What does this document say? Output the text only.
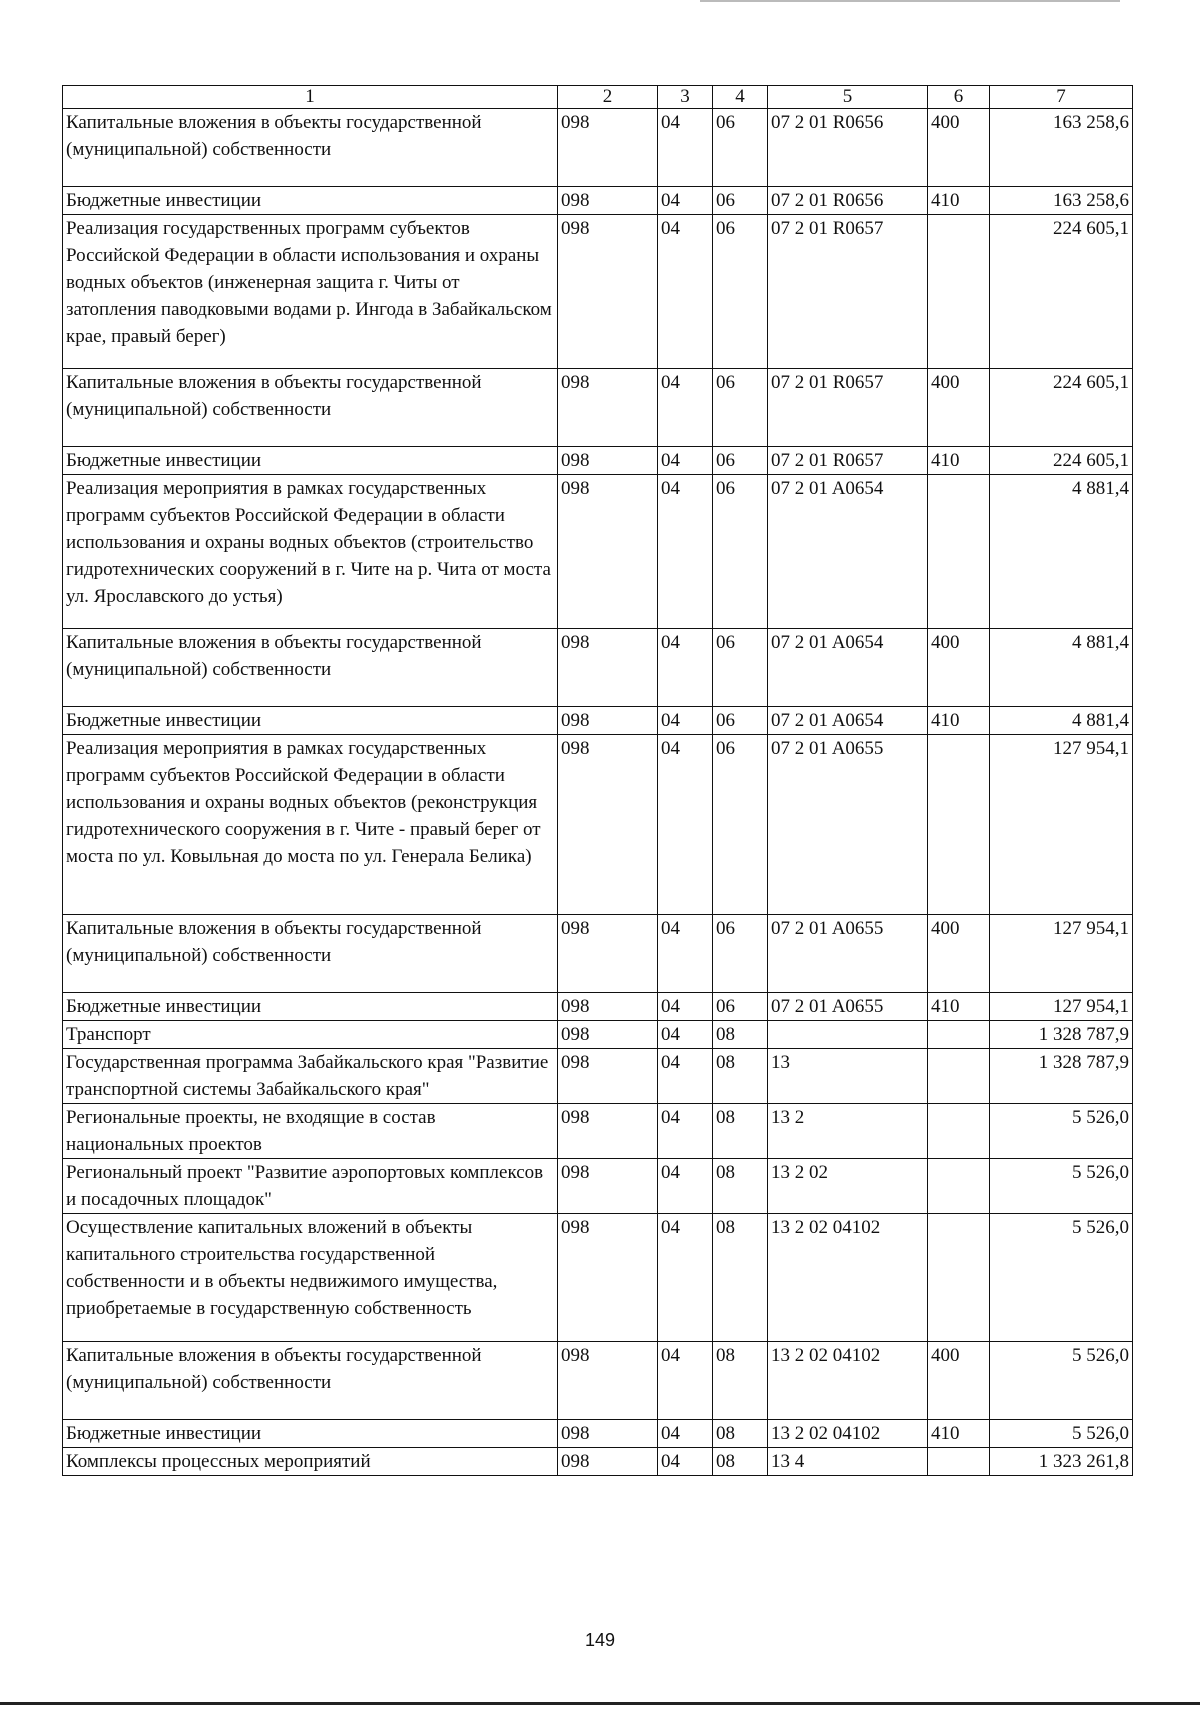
1	2	3	4	5	6	7
Капитальные вложения в объекты государственной (муниципальной) собственности	098	04	06	07 2 01 R0656	400	163 258,6
Бюджетные инвестиции	098	04	06	07 2 01 R0656	410	163 258,6
Реализация государственных программ субъектов Российской Федерации в области использования и охраны водных объектов (инженерная защита г. Читы от затопления паводковыми водами р. Ингода в Забайкальском крае, правый берег)	098	04	06	07 2 01 R0657		224 605,1
Капитальные вложения в объекты государственной (муниципальной) собственности	098	04	06	07 2 01 R0657	400	224 605,1
Бюджетные инвестиции	098	04	06	07 2 01 R0657	410	224 605,1
Реализация мероприятия в рамках государственных программ субъектов Российской Федерации в области использования и охраны водных объектов (строительство гидротехнических сооружений в г. Чите на р. Чита от моста ул. Ярославского до устья)	098	04	06	07 2 01 A0654		4 881,4
Капитальные вложения в объекты государственной (муниципальной) собственности	098	04	06	07 2 01 A0654	400	4 881,4
Бюджетные инвестиции	098	04	06	07 2 01 A0654	410	4 881,4
Реализация мероприятия в рамках государственных программ субъектов Российской Федерации в области использования и охраны водных объектов (реконструкция гидротехнического сооружения в г. Чите - правый берег от моста по ул. Ковыльная до моста по ул. Генерала Белика)	098	04	06	07 2 01 A0655		127 954,1
Капитальные вложения в объекты государственной (муниципальной) собственности	098	04	06	07 2 01 A0655	400	127 954,1
Бюджетные инвестиции	098	04	06	07 2 01 A0655	410	127 954,1
Транспорт	098	04	08			1 328 787,9
Государственная программа Забайкальского края "Развитие транспортной системы Забайкальского края"	098	04	08	13		1 328 787,9
Региональные проекты, не входящие в состав национальных проектов	098	04	08	13 2		5 526,0
Региональный проект "Развитие аэропортовых комплексов и посадочных площадок"	098	04	08	13 2 02		5 526,0
Осуществление капитальных вложений в объекты капитального строительства государственной собственности и в объекты недвижимого имущества, приобретаемые в государственную собственность	098	04	08	13 2 02 04102		5 526,0
Капитальные вложения в объекты государственной (муниципальной) собственности	098	04	08	13 2 02 04102	400	5 526,0
Бюджетные инвестиции	098	04	08	13 2 02 04102	410	5 526,0
Комплексы процессных мероприятий	098	04	08	13 4		1 323 261,8
149
